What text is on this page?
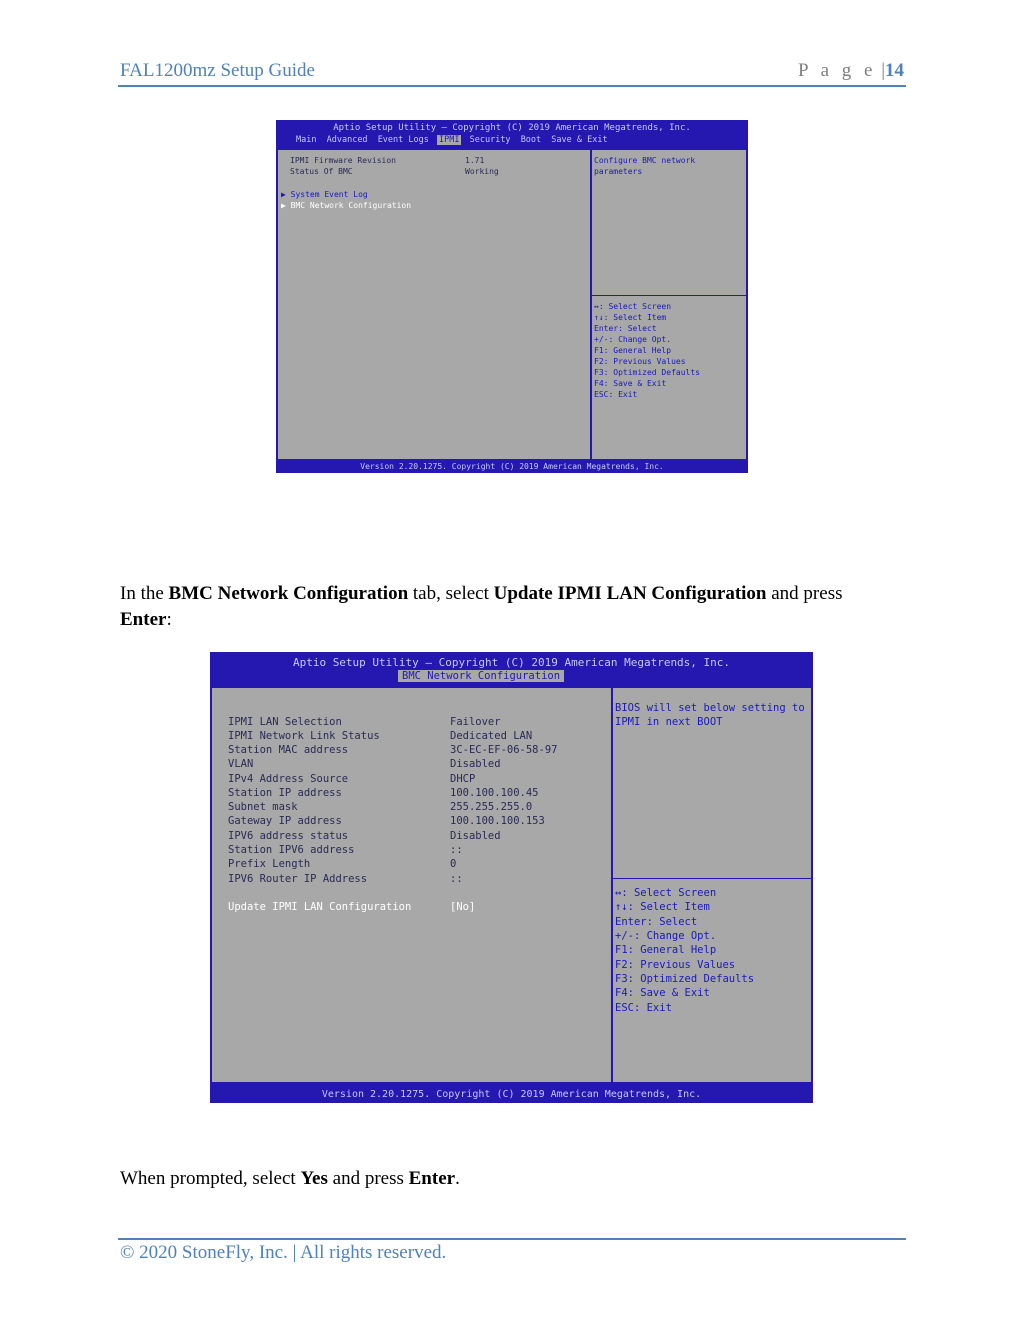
FAL1200mz Setup Guide	P a g e |14
Aptio Setup Utility – Copyright (C) 2019 American Megatrends, Inc.
Main Advanced Event Logs IPMI Security Boot Save & Exit
IPMI Firmware Revision	1.71
Status Of BMC	Working
▶ System Event Log
▶ BMC Network Configuration
Configure BMC network
parameters
↔: Select Screen
↑↓: Select Item
Enter: Select
+/-: Change Opt.
F1: General Help
F2: Previous Values
F3: Optimized Defaults
F4: Save & Exit
ESC: Exit
Version 2.20.1275. Copyright (C) 2019 American Megatrends, Inc.
In the BMC Network Configuration tab, select Update IPMI LAN Configuration and press
Enter:
Aptio Setup Utility – Copyright (C) 2019 American Megatrends, Inc.
BMC Network Configuration
IPMI LAN Selection	Failover
IPMI Network Link Status	Dedicated LAN
Station MAC address	3C-EC-EF-06-58-97
VLAN	Disabled
IPv4 Address Source	DHCP
Station IP address	100.100.100.45
Subnet mask	255.255.255.0
Gateway IP address	100.100.100.153
IPV6 address status	Disabled
Station IPV6 address	::
Prefix Length	0
IPV6 Router IP Address	::
Update IPMI LAN Configuration	[No]
BIOS will set below setting to
IPMI in next BOOT
↔: Select Screen
↑↓: Select Item
Enter: Select
+/-: Change Opt.
F1: General Help
F2: Previous Values
F3: Optimized Defaults
F4: Save & Exit
ESC: Exit
Version 2.20.1275. Copyright (C) 2019 American Megatrends, Inc.
When prompted, select Yes and press Enter.
© 2020 StoneFly, Inc. | All rights reserved.
